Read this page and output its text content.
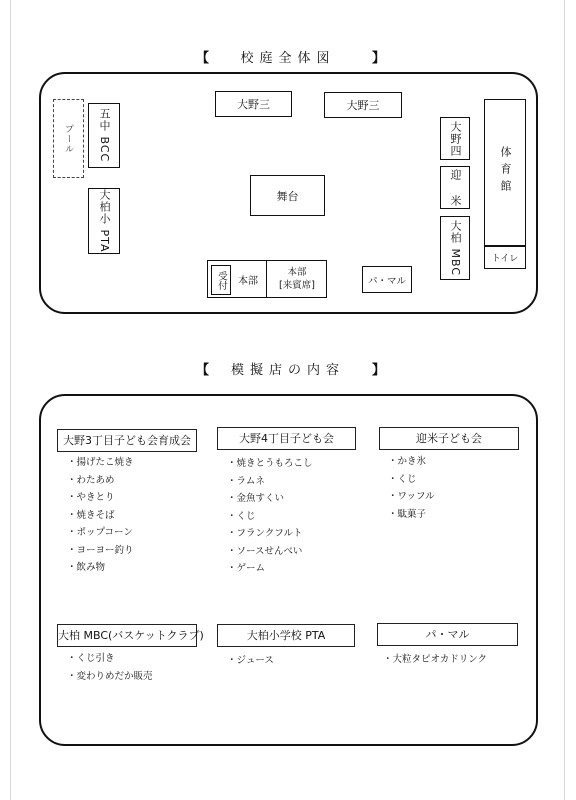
【	校庭全体図	】
プール 五中 BCC
大柏小 PTA
大野三	大野三
大野四
迎 米
大柏 MBC
体育館
トイレ
舞台
受付 本部
本部
[来賓席]	パ・マル
【	模擬店の内容	】
大野3丁目子ども会育成会
・ 揚げたこ焼き
・ わたあめ
・ やきとり
・ 焼きそば
・ ポップコーン
・ ヨーヨー釣り
・ 飲み物
大野4丁目子ども会
・ 焼きとうもろこし
・ ラムネ
・ 金魚すくい
・ くじ
・ フランクフルト
・ ソースせんべい
・ ゲーム
迎米子ども会
・ かき氷
・ くじ
・ ワッフル
・ 駄菓子
大柏 MBC(バスケットクラブ)
・ くじ引き
・ 変わりめだか販売
大柏小学校 PTA
・ ジュース
パ・マル
・ 大粒タピオカドリンク
